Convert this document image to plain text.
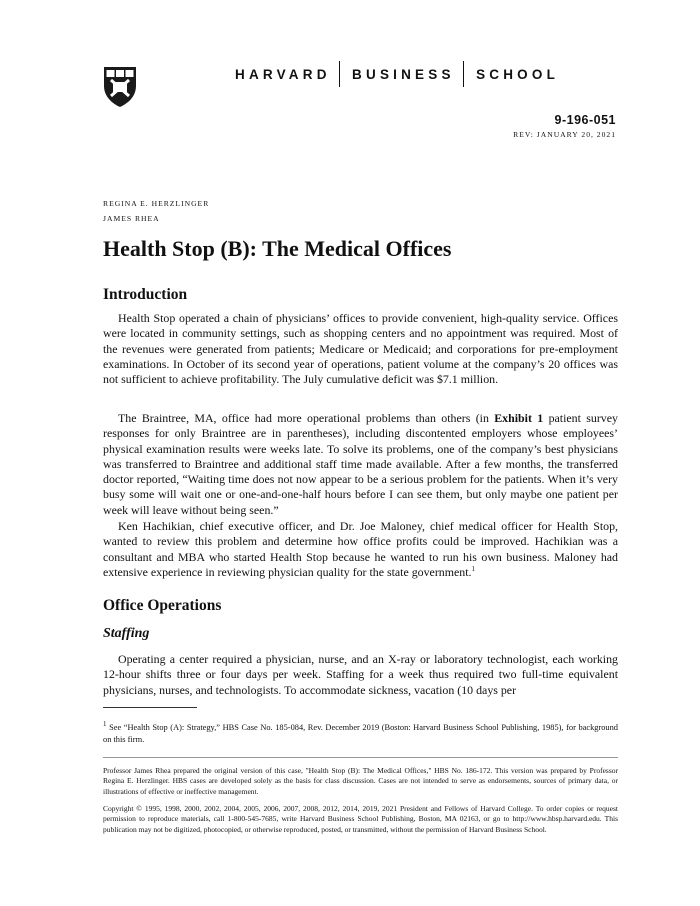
HARVARD BUSINESS SCHOOL
9-196-051
REV: JANUARY 20, 2021
REGINA E. HERZLINGER
JAMES RHEA
Health Stop (B): The Medical Offices
Introduction

Health Stop operated a chain of physicians’ offices to provide convenient, high-quality service. Offices were located in community settings, such as shopping centers and no appointment was required. Most of the revenues were generated from patients; Medicare or Medicaid; and corporations for pre-employment examinations. In October of its second year of operations, patient volume at the company’s 20 offices was not sufficient to achieve profitability. The July cumulative deficit was $7.1 million.

The Braintree, MA, office had more operational problems than others (in Exhibit 1 patient survey responses for only Braintree are in parentheses), including discontented employers whose employees’ physical examination results were weeks late. To solve its problems, one of the company’s best physicians was transferred to Braintree and additional staff time made available. After a few months, the transferred doctor reported, “Waiting time does not now appear to be a serious problem for the patients. When it’s very busy some will wait one or one-and-one-half hours before I can see them, but only maybe one patient per week will leave without being seen.”

Ken Hachikian, chief executive officer, and Dr. Joe Maloney, chief medical officer for Health Stop, wanted to review this problem and determine how office profits could be improved. Hachikian was a consultant and MBA who started Health Stop because he wanted to run his own business. Maloney had extensive experience in reviewing physician quality for the state government.$^1$

Office Operations
Staffing

Operating a center required a physician, nurse, and an X-ray or laboratory technologist, each working 12-hour shifts three or four days per week. Staffing for a week thus required two full-time equivalent physicians, nurses, and technologists. To accommodate sickness, vacation (10 days per

$^1$ See “Health Stop (A): Strategy,” HBS Case No. 185-084, Rev. December 2019 (Boston: Harvard Business School Publishing, 1985), for background on this firm.

Professor James Rhea prepared the original version of this case, "Health Stop (B): The Medical Offices," HBS No. 186-172. This version was prepared by Professor Regina E. Herzlinger. HBS cases are developed solely as the basis for class discussion. Cases are not intended to serve as endorsements, sources of primary data, or illustrations of effective or ineffective management.

Copyright © 1995, 1998, 2000, 2002, 2004, 2005, 2006, 2007, 2008, 2012, 2014, 2019, 2021 President and Fellows of Harvard College. To order copies or request permission to reproduce materials, call 1-800-545-7685, write Harvard Business School Publishing, Boston, MA 02163, or go to http://www.hbsp.harvard.edu. This publication may not be digitized, photocopied, or otherwise reproduced, posted, or transmitted, without the permission of Harvard Business School.
